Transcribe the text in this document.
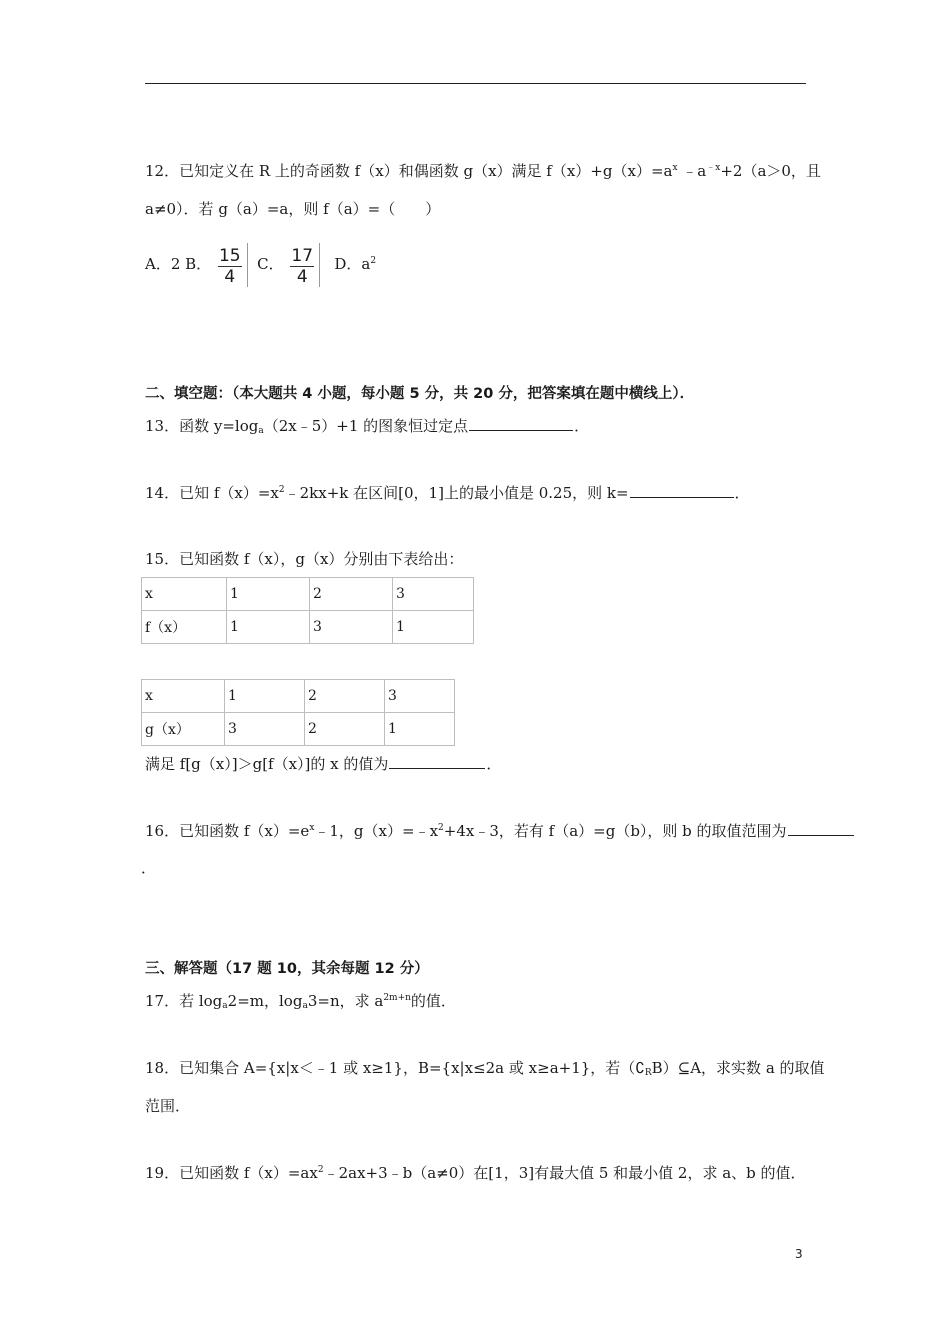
12．已知定义在 R 上的奇函数 f（x）和偶函数 g（x）满足 $f(x)+g(x)=a^x$ $﹣a^{﹣x}+2(a>0$，且
a≠0）．若 g（a）=a，则 f（a）=（　　）
A．2 B． $\frac{15}{4}$ C． $\frac{17}{4}$ D．$a^2$
二、填空题：（本大题共 4 小题，每小题 5 分，共 20 分，把答案填在题中横线上）．
13．函数 $y=\log_a(2x﹣5)+1$ 的图象恒过定点	．
14．已知 $f(x)=x^2﹣2kx+k$ 在区间[0，1]上的最小值是 0.25，则 k=	．
15．已知函数 f（x），g（x）分别由下表给出：
x	1	2	3
f（x）	1	3	1
x	1	2	3
g（x）	3	2	1
满足 f[g（x）]＞g[f（x）]的 x 的值为	．
16．已知函数 $f(x)=e^x﹣1$，$g(x)=﹣x^2+4x﹣3$，若有 f（a）=g（b），则 b 的取值范围为
．
三、解答题（17 题 10，其余每题 12 分）
17．若 $\log_a2=m$，$\log_a3=n$，求 $a^{2m+n}$的值．
18．已知集合 A={x|x＜﹣1 或 x≥1}，B={x|x≤2a 或 x≥a+1}，若$(∁_RB)⊆A$，求实数 a 的取值
范围．
19．已知函数 $f(x)=ax^2﹣2ax+3﹣b(a\ne 0)$在[1，3]有最大值 5 和最小值 2，求 a、b 的值．
3
